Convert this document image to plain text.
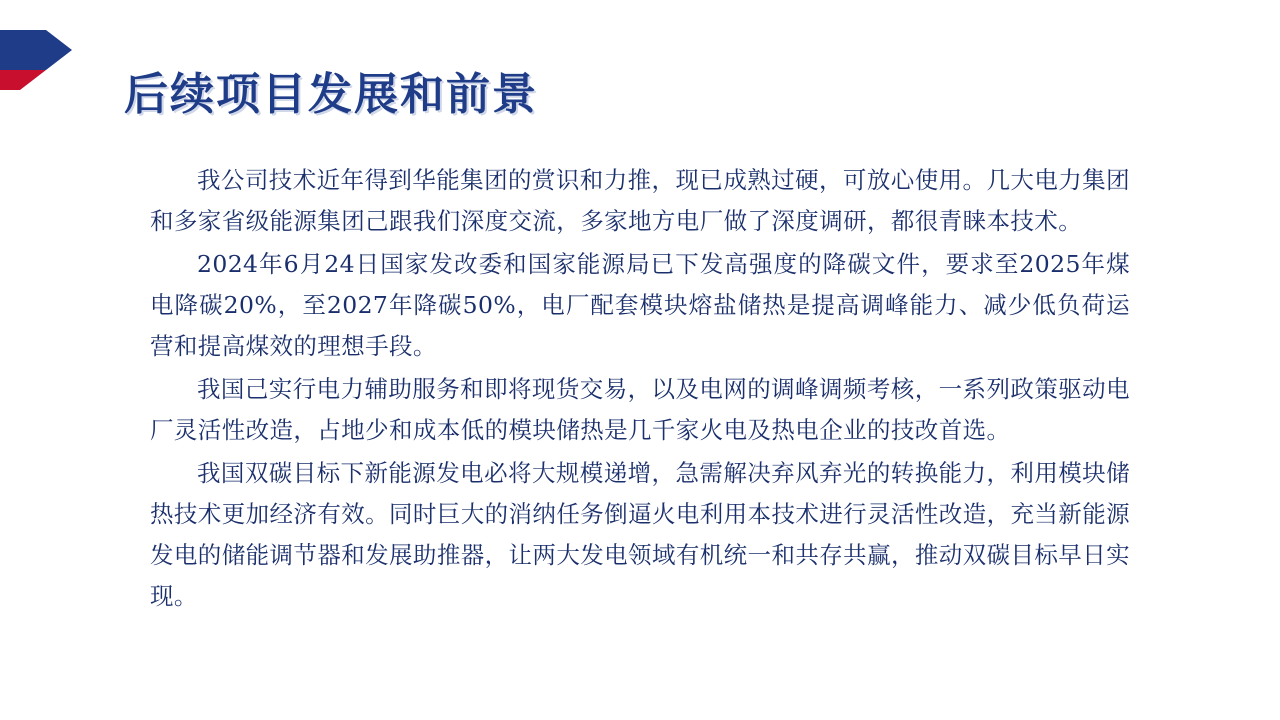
后续项目发展和前景

我公司技术近年得到华能集团的赏识和力推，现已成熟过硬，可放心使用。几大电力集团和多家省级能源集团己跟我们深度交流，多家地方电厂做了深度调研，都很青睐本技术。

2024年6月24日国家发改委和国家能源局已下发高强度的降碳文件，要求至2025年煤电降碳20%，至2027年降碳50%，电厂配套模块熔盐储热是提高调峰能力、减少低负荷运营和提高煤效的理想手段。

我国己实行电力辅助服务和即将现货交易，以及电网的调峰调频考核，一系列政策驱动电厂灵活性改造，占地少和成本低的模块储热是几千家火电及热电企业的技改首选。

我国双碳目标下新能源发电必将大规模递增，急需解决弃风弃光的转换能力，利用模块储热技术更加经济有效。同时巨大的消纳任务倒逼火电利用本技术进行灵活性改造，充当新能源发电的储能调节器和发展助推器，让两大发电领域有机统一和共存共赢，推动双碳目标早日实现。
